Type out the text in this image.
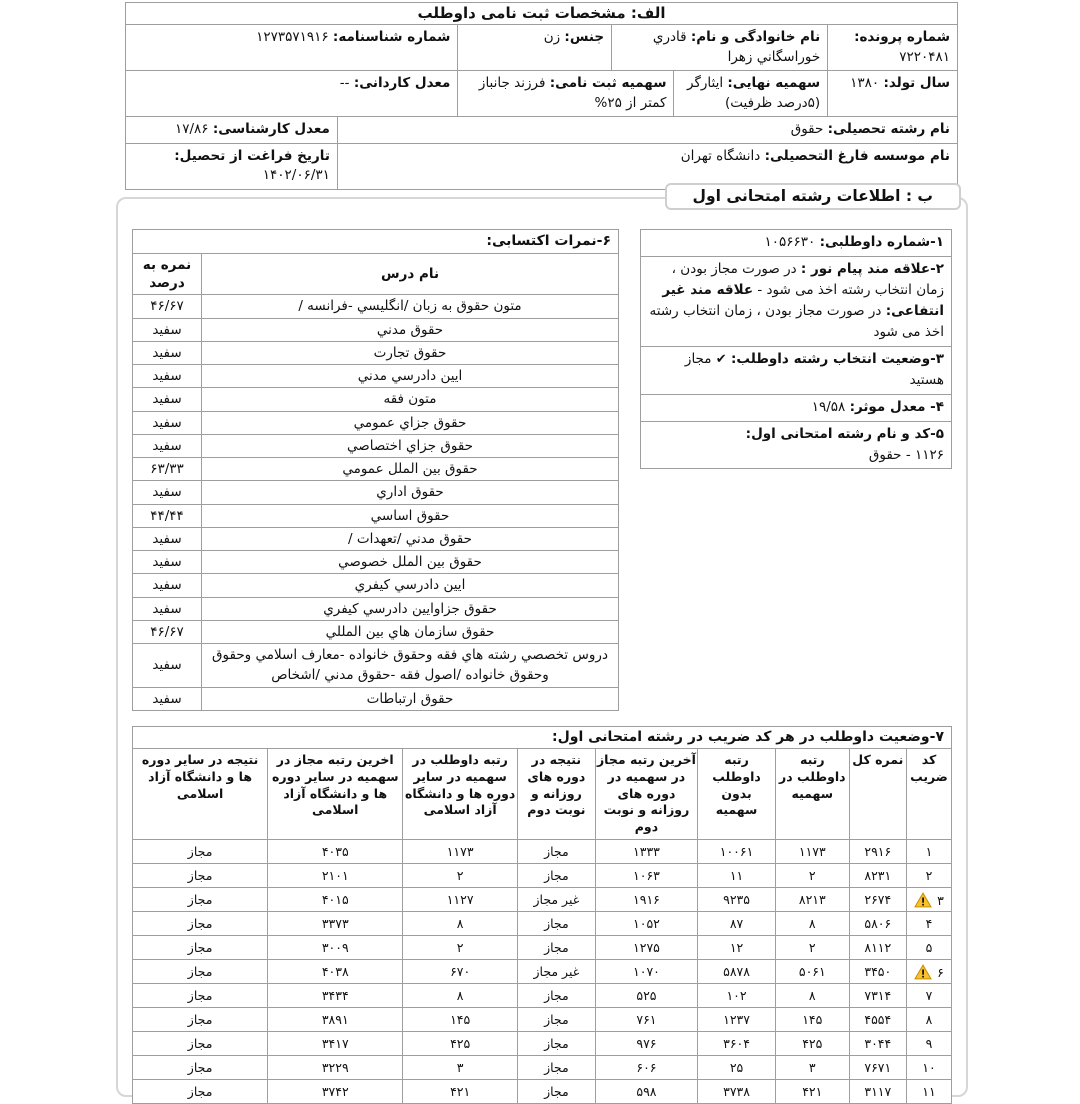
الف: مشخصات ثبت نامی داوطلب
شماره پرونده: ۷۲۲۰۴۸۱
نام خانوادگی و نام: قادري خوراسگاني زهرا
جنس: زن
شماره شناسنامه: ۱۲۷۳۵۷۱۹۱۶
سال تولد: ۱۳۸۰
سهمیه نهایی: ایثارگر (۵درصد ظرفیت)
سهمیه ثبت نامی: فرزند جانباز کمتر از ۲۵%
معدل کاردانی: --
نام رشته تحصیلی: حقوق
معدل کارشناسی: ۱۷/۸۶
نام موسسه فارغ التحصیلی: دانشگاه تهران
تاریخ فراغت از تحصیل: ۱۴۰۲/۰۶/۳۱
ب : اطلاعات رشته امتحانی اول
۱-شماره داوطلبی: ۱۰۵۶۶۳۰
۲-علاقه مند پیام نور : در صورت مجاز بودن ، زمان انتخاب رشته اخذ می شود - علاقه مند غیر انتفاعی: در صورت مجاز بودن ، زمان انتخاب رشته اخذ می شود
۳-وضعیت انتخاب رشته داوطلب: ✔ مجاز هستید
۴- معدل موثر: ۱۹/۵۸
۵-کد و نام رشته امتحانی اول:
۱۱۲۶ - حقوق
۶-نمرات اکتسابی:	
نام درس	نمره به درصد
متون حقوق به زبان /انگلیسي -فرانسه /	۴۶/۶۷
حقوق مدني	سفید
حقوق تجارت	سفید
ایین دادرسي مدني	سفید
متون فقه	سفید
حقوق جزاي عمومي	سفید
حقوق جزاي اختصاصي	سفید
حقوق بین الملل عمومي	۶۳/۳۳
حقوق اداري	سفید
حقوق اساسي	۴۴/۴۴
حقوق مدني /تعهدات /	سفید
حقوق بین الملل خصوصي	سفید
ایین دادرسي کیفري	سفید
حقوق جزاوایین دادرسي کیفري	سفید
حقوق سازمان هاي بین المللي	۴۶/۶۷
دروس تخصصي رشته هاي فقه وحقوق خانواده -معارف اسلامي وحقوق وحقوق خانواده /اصول فقه -حقوق مدني /اشخاص	سفید
حقوق ارتباطات	سفید
۷-وضعیت داوطلب در هر کد ضریب در رشته امتحانی اول:
کد ضریب	نمره کل	رتبه داوطلب در سهمیه	رتبه داوطلب بدون سهمیه	آخرین رتبه مجاز در سهمیه در دوره های روزانه و نوبت دوم	نتیجه در دوره های روزانه و نوبت دوم	رتبه داوطلب در سهمیه در سایر دوره ها و دانشگاه آزاد اسلامی	اخرین رتبه مجاز در سهمیه در سایر دوره ها و دانشگاه آزاد اسلامی	نتیجه در سایر دوره ها و دانشگاه آزاد اسلامی
۱	۲۹۱۶	۱۱۷۳	۱۰۰۶۱	۱۳۳۳	مجاز	۱۱۷۳	۴۰۳۵	مجاز
۲	۸۲۳۱	۲	۱۱	۱۰۶۳	مجاز	۲	۲۱۰۱	مجاز
۳	۲۶۷۴	۸۲۱۳	۹۲۳۵	۱۹۱۶	غیر مجاز	۱۱۲۷	۴۰۱۵	مجاز
۴	۵۸۰۶	۸	۸۷	۱۰۵۲	مجاز	۸	۳۳۷۳	مجاز
۵	۸۱۱۲	۲	۱۲	۱۲۷۵	مجاز	۲	۳۰۰۹	مجاز
۶	۳۴۵۰	۵۰۶۱	۵۸۷۸	۱۰۷۰	غیر مجاز	۶۷۰	۴۰۳۸	مجاز
۷	۷۳۱۴	۸	۱۰۲	۵۲۵	مجاز	۸	۳۴۳۴	مجاز
۸	۴۵۵۴	۱۴۵	۱۲۳۷	۷۶۱	مجاز	۱۴۵	۳۸۹۱	مجاز
۹	۳۰۴۴	۴۲۵	۳۶۰۴	۹۷۶	مجاز	۴۲۵	۳۴۱۷	مجاز
۱۰	۷۶۷۱	۳	۲۵	۶۰۶	مجاز	۳	۳۲۲۹	مجاز
۱۱	۳۱۱۷	۴۲۱	۳۷۳۸	۵۹۸	مجاز	۴۲۱	۳۷۴۲	مجاز
